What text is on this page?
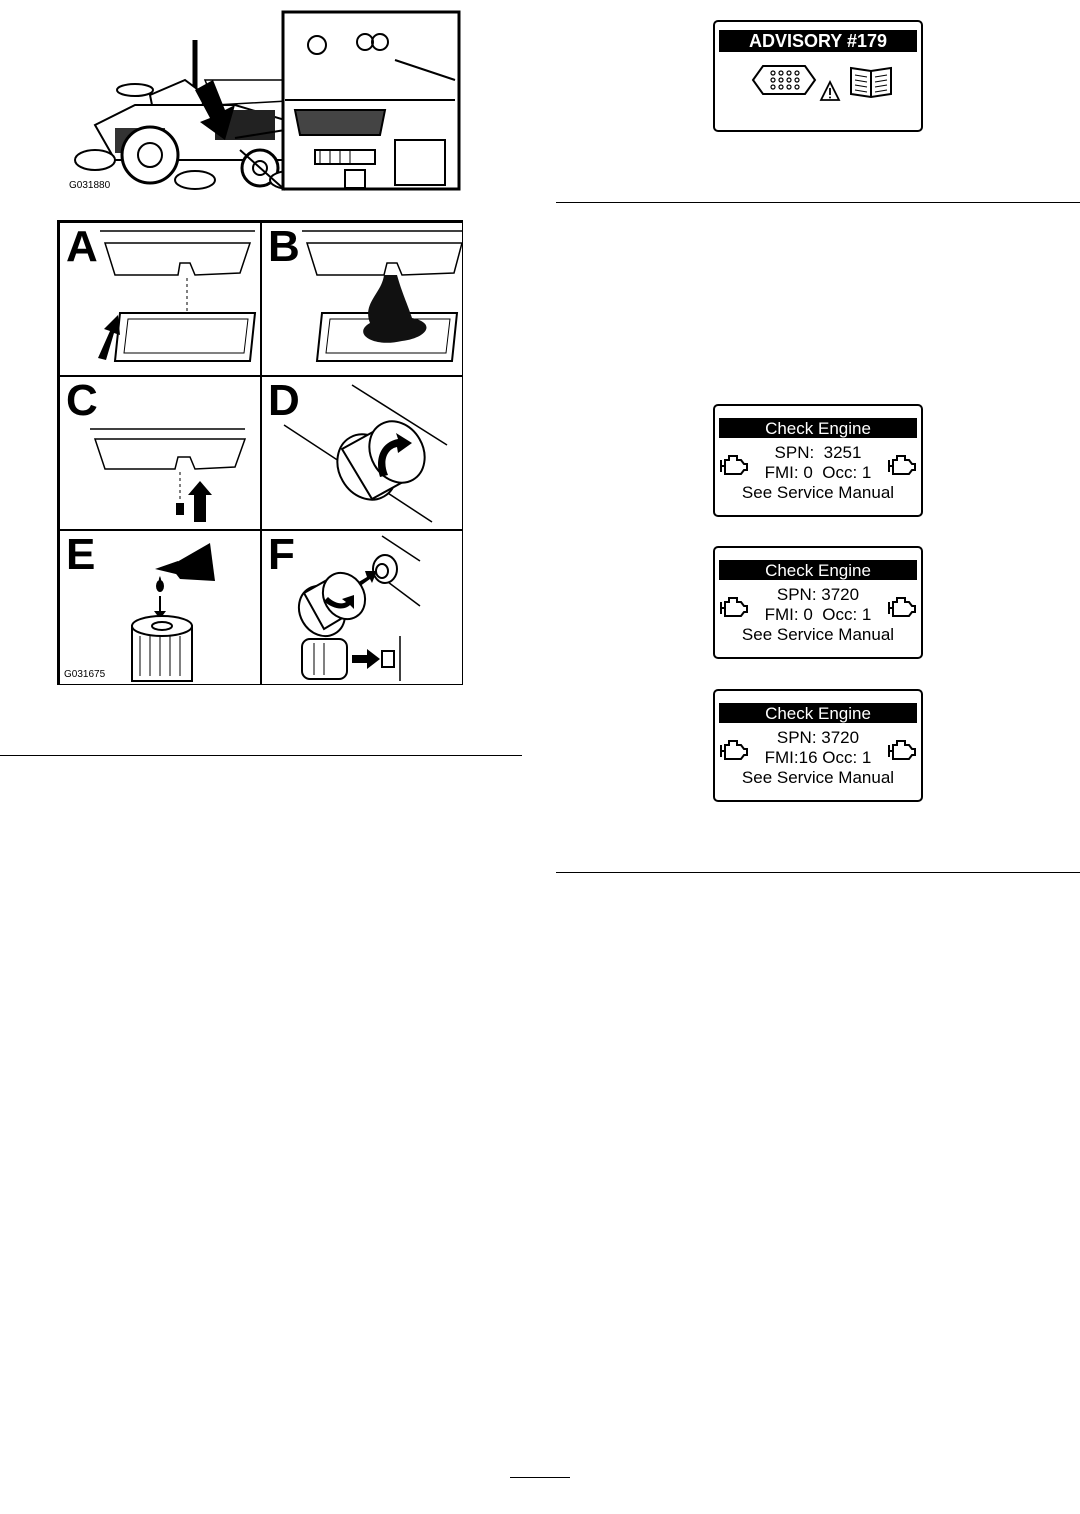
G031880
A	B
C	D
E
G031675
F
ADVISORY #179
Check Engine
SPN:  3251
FMI: 0  Occ: 1
See Service Manual
Check Engine
SPN: 3720
FMI: 0  Occ: 1
See Service Manual
Check Engine
SPN: 3720
FMI:16 Occ: 1
See Service Manual
